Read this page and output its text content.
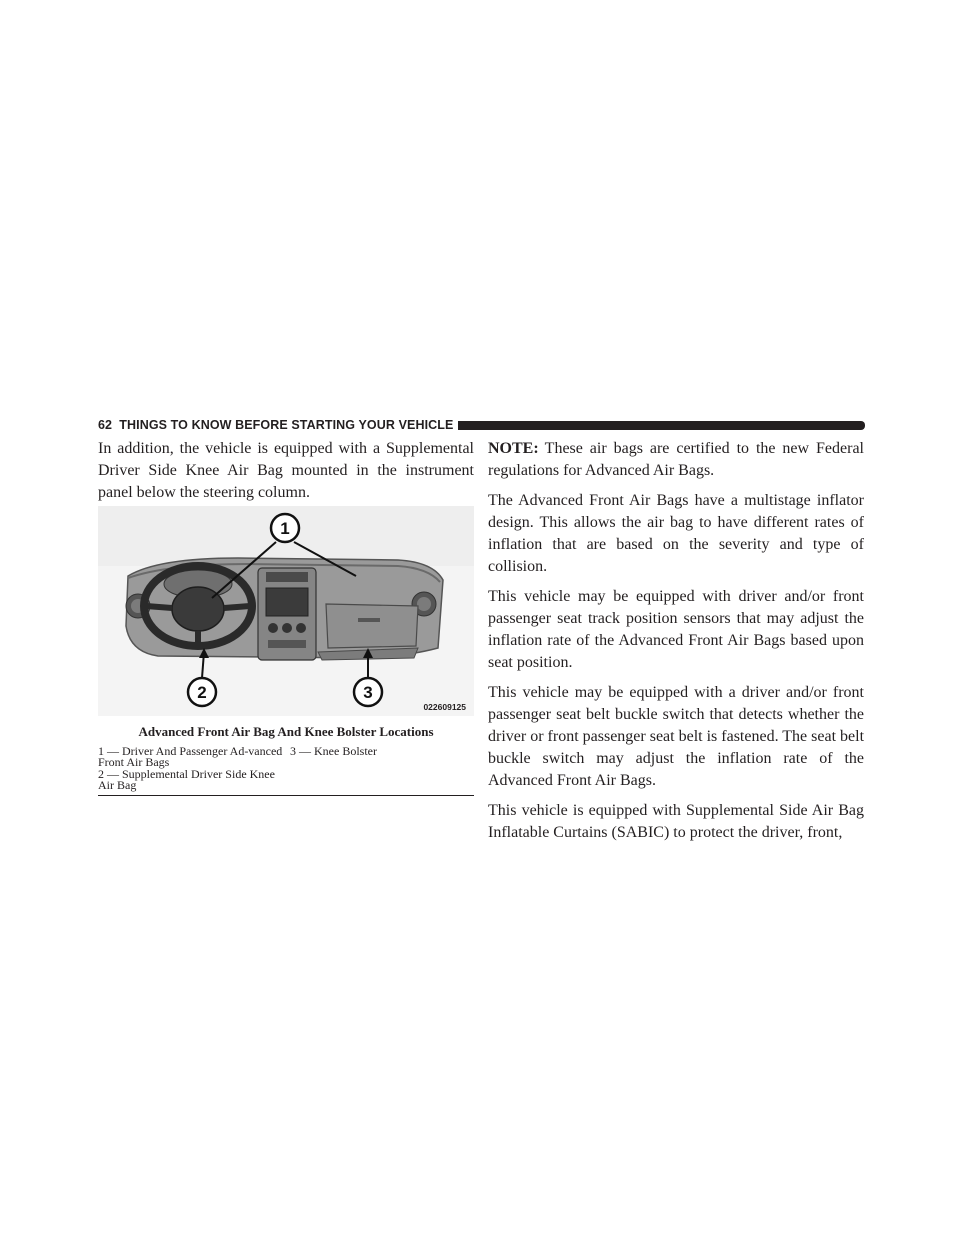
62 THINGS TO KNOW BEFORE STARTING YOUR VEHICLE

In addition, the vehicle is equipped with a Supplemental Driver Side Knee Air Bag mounted in the instrument panel below the steering column.

1
2	3
022609125
Advanced Front Air Bag And Knee Bolster Locations
1 — Driver And Passenger Ad-vanced Front Air Bags
3 — Knee Bolster
2 — Supplemental Driver Side Knee Air Bag

NOTE: These air bags are certified to the new Federal regulations for Advanced Air Bags.

The Advanced Front Air Bags have a multistage inflator design. This allows the air bag to have different rates of inflation that are based on the severity and type of collision.

This vehicle may be equipped with driver and/or front passenger seat track position sensors that may adjust the inflation rate of the Advanced Front Air Bags based upon seat position.

This vehicle may be equipped with a driver and/or front passenger seat belt buckle switch that detects whether the driver or front passenger seat belt is fastened. The seat belt buckle switch may adjust the inflation rate of the Advanced Front Air Bags.

This vehicle is equipped with Supplemental Side Air Bag Inflatable Curtains (SABIC) to protect the driver, front,
